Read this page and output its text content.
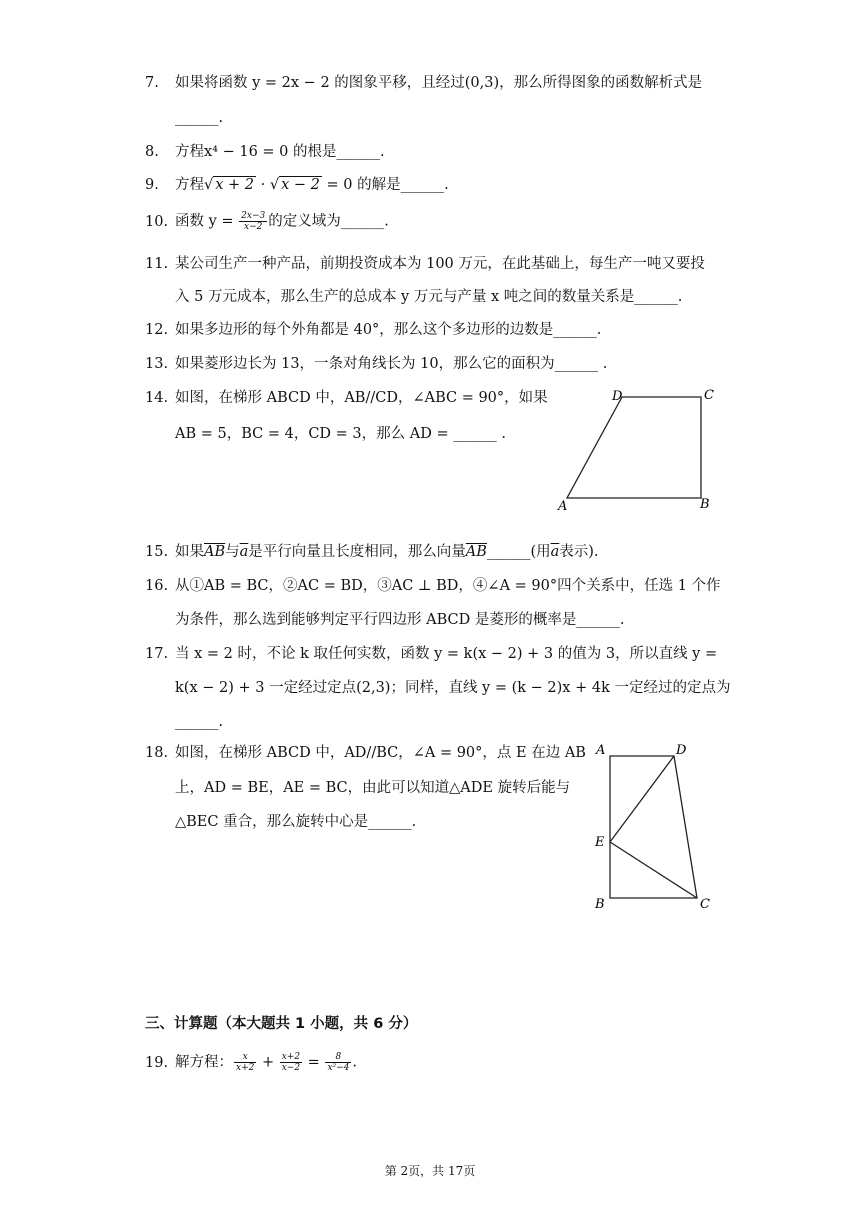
7. 如果将函数 y = 2x − 2 的图象平移，且经过(0,3)，那么所得图象的函数解析式是
______.
8. 方程x⁴ − 16 = 0 的根是______.
9. 方程√ x + 2 · √ x − 2 = 0 的解是______.
10. 函数 $y = \frac{2x-3}{x-2}$ 的定义域为______.
11. 某公司生产一种产品，前期投资成本为 100 万元，在此基础上，每生产一吨又要投
入 5 万元成本，那么生产的总成本 y 万元与产量 x 吨之间的数量关系是______.
12. 如果多边形的每个外角都是 40°，那么这个多边形的边数是______.
13. 如果菱形边长为 13，一条对角线长为 10，那么它的面积为______ .
14. 如图，在梯形 ABCD 中，AB//CD，∠ABC = 90°，如果
AB = 5，BC = 4，CD = 3，那么 AD = ______ .
D	C
A	B
15. 如果$\overline{AB}$与$\overline{a}$是平行向量且长度相同，那么向量$\overline{AB}\_\_\_\_\_\_$(用$\overline{a}$表示).
16. 从①AB = BC，②AC = BD，③AC ⊥ BD，④∠A = 90°四个关系中，任选 1 个作
为条件，那么选到能够判定平行四边形 ABCD 是菱形的概率是______.
17. 当 x = 2 时，不论 k 取任何实数，函数 y = k(x − 2) + 3 的值为 3，所以直线 y =
k(x − 2) + 3 一定经过定点(2,3)；同样，直线 y = (k − 2)x + 4k 一定经过的定点为
______.
18. 如图，在梯形 ABCD 中，AD//BC，∠A = 90°，点 E 在边 AB
上，AD = BE，AE = BC，由此可以知道△ADE 旋转后能与
△BEC 重合，那么旋转中心是______.
A	D
E
B	C
三、计算题（本大题共 1 小题，共 6 分）
19. 解方程： $\frac{x}{x+2} + \frac{x+2}{x-2} = \frac{8}{\text{x²−4}}$ .
第 2页，共 17页
